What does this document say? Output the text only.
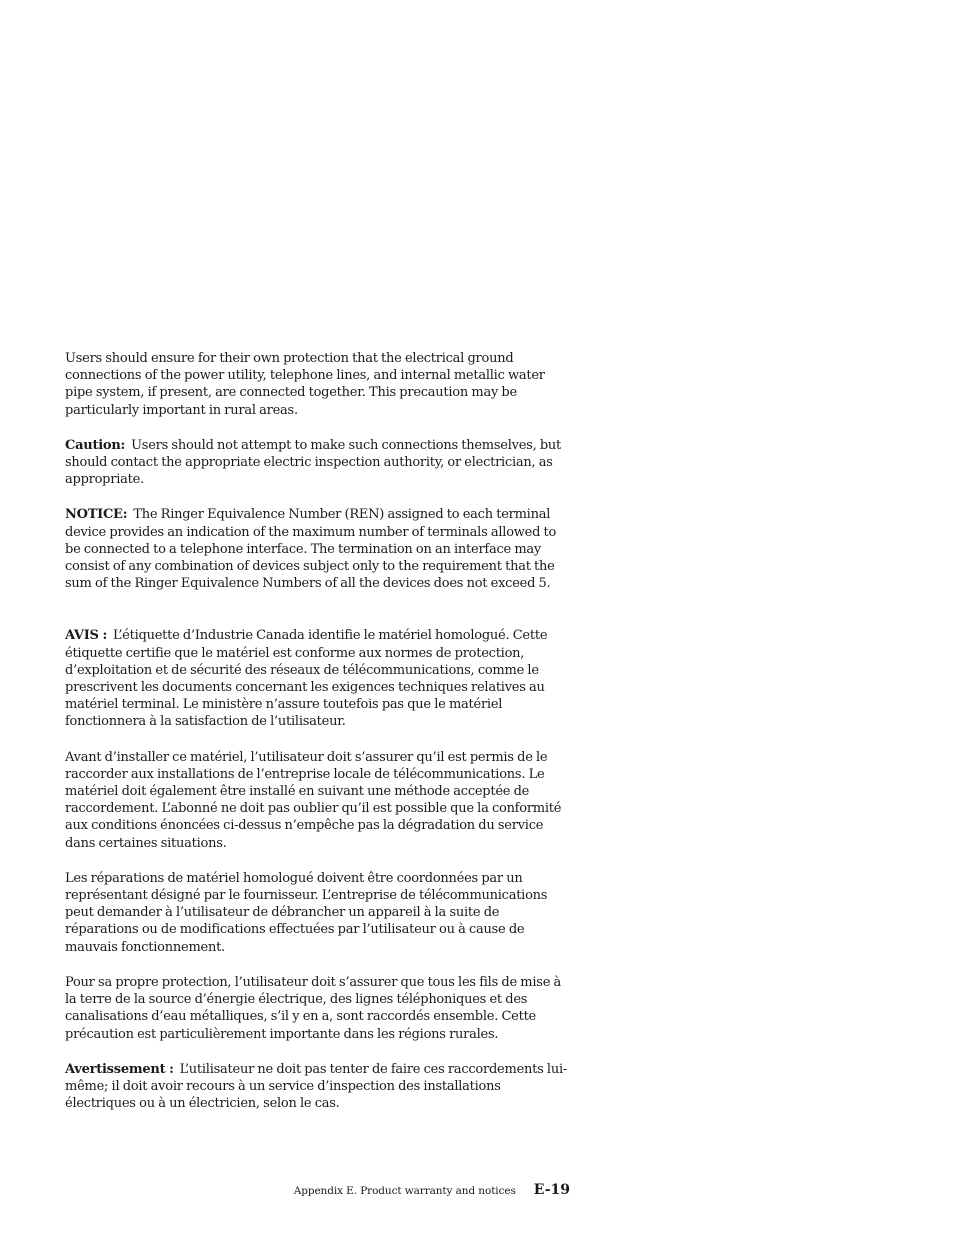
Users should ensure for their own protection that the electrical ground connections of the power utility, telephone lines, and internal metallic water pipe system, if present, are connected together. This precaution may be particularly important in rural areas.

Caution: Users should not attempt to make such connections themselves, but should contact the appropriate electric inspection authority, or electrician, as appropriate.

NOTICE: The Ringer Equivalence Number (REN) assigned to each terminal device provides an indication of the maximum number of terminals allowed to be connected to a telephone interface. The termination on an interface may consist of any combination of devices subject only to the requirement that the sum of the Ringer Equivalence Numbers of all the devices does not exceed 5.

AVIS : L’étiquette d’Industrie Canada identifie le matériel homologué. Cette étiquette certifie que le matériel est conforme aux normes de protection, d’exploitation et de sécurité des réseaux de télécommunications, comme le prescrivent les documents concernant les exigences techniques relatives au matériel terminal. Le ministère n’assure toutefois pas que le matériel fonctionnera à la satisfaction de l’utilisateur.

Avant d’installer ce matériel, l’utilisateur doit s’assurer qu’il est permis de le raccorder aux installations de l’entreprise locale de télécommunications. Le matériel doit également être installé en suivant une méthode acceptée de raccordement. L’abonné ne doit pas oublier qu’il est possible que la conformité aux conditions énoncées ci-dessus n’empêche pas la dégradation du service dans certaines situations.

Les réparations de matériel homologué doivent être coordonnées par un représentant désigné par le fournisseur. L’entreprise de télécommunications peut demander à l’utilisateur de débrancher un appareil à la suite de réparations ou de modifications effectuées par l’utilisateur ou à cause de mauvais fonctionnement.

Pour sa propre protection, l’utilisateur doit s’assurer que tous les fils de mise à la terre de la source d’énergie électrique, des lignes téléphoniques et des canalisations d’eau métalliques, s’il y en a, sont raccordés ensemble. Cette précaution est particulièrement importante dans les régions rurales.

Avertissement : L’utilisateur ne doit pas tenter de faire ces raccordements lui-même; il doit avoir recours à un service d’inspection des installations électriques ou à un électricien, selon le cas.

Appendix E. Product warranty and notices E-19
